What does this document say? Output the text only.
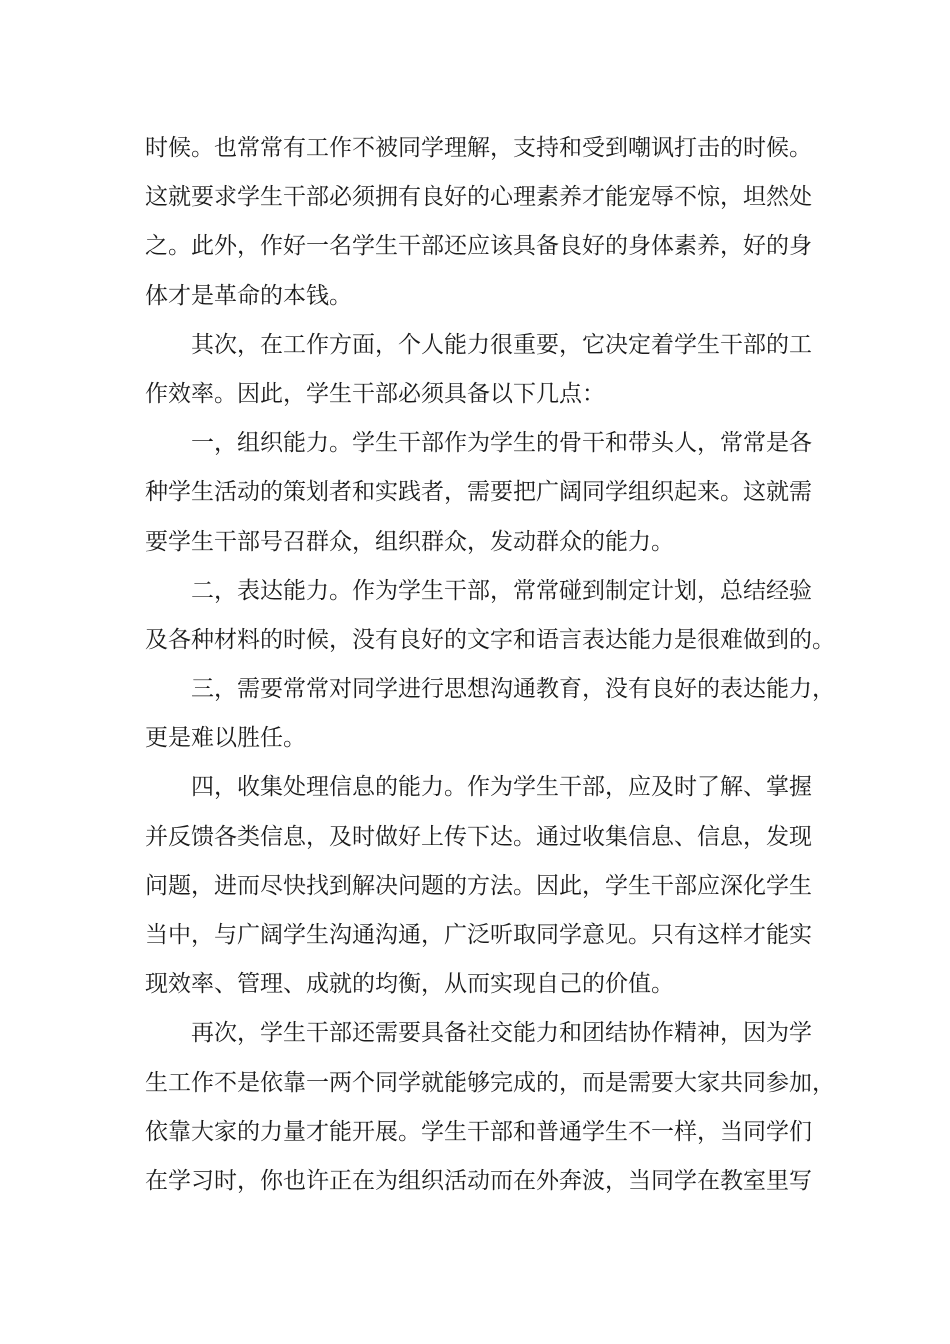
时候。也常常有工作不被同学理解，支持和受到嘲讽打击的时候。
这就要求学生干部必须拥有良好的心理素养才能宠辱不惊，坦然处
之。此外，作好一名学生干部还应该具备良好的身体素养，好的身
体才是革命的本钱。
其次，在工作方面，个人能力很重要，它决定着学生干部的工
作效率。因此，学生干部必须具备以下几点：
一，组织能力。学生干部作为学生的骨干和带头人，常常是各
种学生活动的策划者和实践者，需要把广阔同学组织起来。这就需
要学生干部号召群众，组织群众，发动群众的能力。
二，表达能力。作为学生干部，常常碰到制定计划，总结经验
及各种材料的时候，没有良好的文字和语言表达能力是很难做到的。
三，需要常常对同学进行思想沟通教育，没有良好的表达能力，
更是难以胜任。
四，收集处理信息的能力。作为学生干部，应及时了解、掌握
并反馈各类信息，及时做好上传下达。通过收集信息、信息，发现
问题，进而尽快找到解决问题的方法。因此，学生干部应深化学生
当中，与广阔学生沟通沟通，广泛听取同学意见。只有这样才能实
现效率、管理、成就的均衡，从而实现自己的价值。
再次，学生干部还需要具备社交能力和团结协作精神，因为学
生工作不是依靠一两个同学就能够完成的，而是需要大家共同参加，
依靠大家的力量才能开展。学生干部和普通学生不一样，当同学们
在学习时，你也许正在为组织活动而在外奔波，当同学在教室里写
